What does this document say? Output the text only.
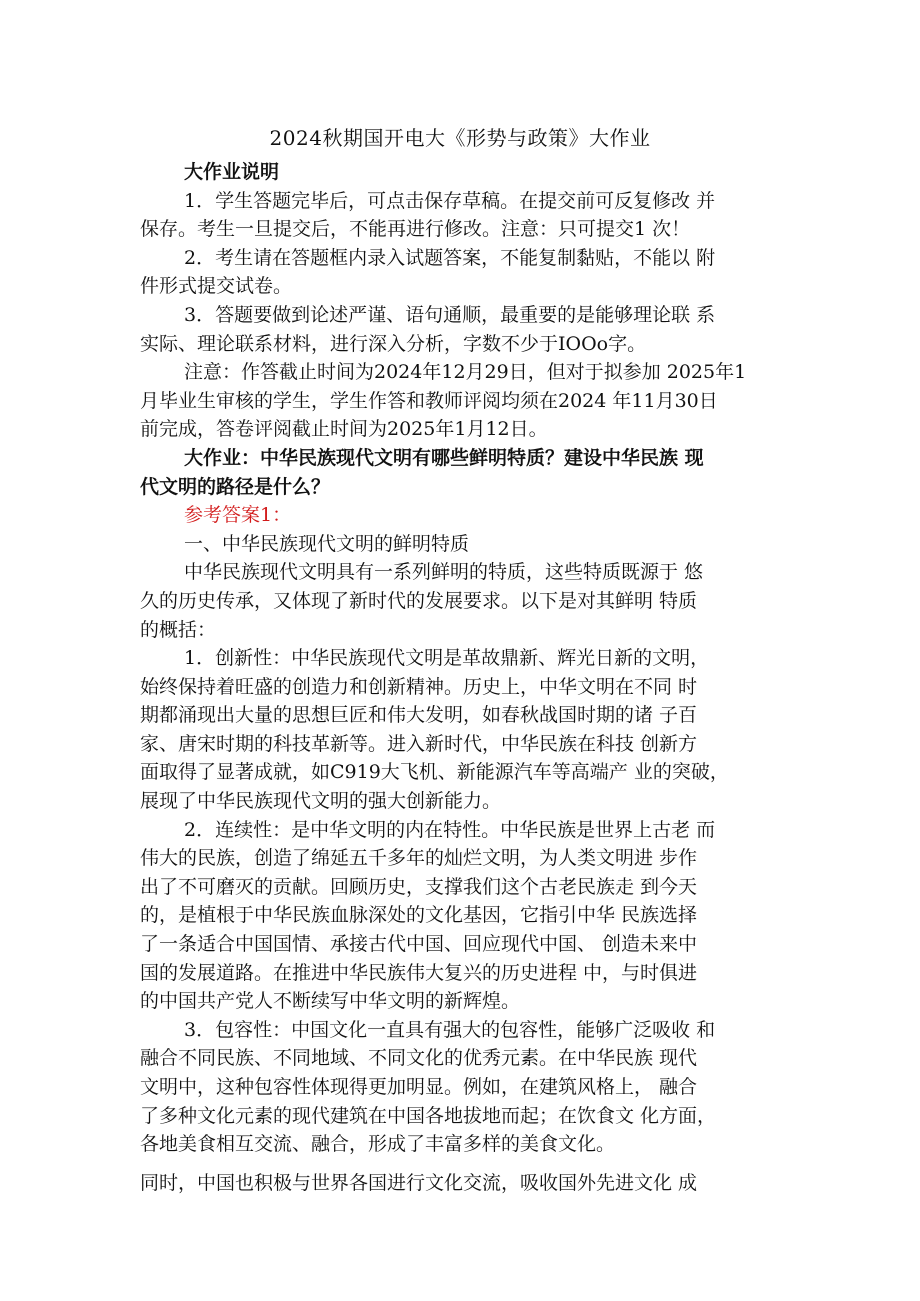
2024秋期国开电大《形势与政策》大作业
大作业说明
1．学生答题完毕后，可点击保存草稿。在提交前可反复修改 并
保存。考生一旦提交后，不能再进行修改。注意：只可提交1 次！
2．考生请在答题框内录入试题答案，不能复制黏贴，不能以 附
件形式提交试卷。
3．答题要做到论述严谨、语句通顺，最重要的是能够理论联 系
实际、理论联系材料，进行深入分析，字数不少于IOOo字。
注意：作答截止时间为2024年12月29日，但对于拟参加 2025年1
月毕业生审核的学生，学生作答和教师评阅均须在2024 年11月30日
前完成，答卷评阅截止时间为2025年1月12日。
大作业：中华民族现代文明有哪些鲜明特质？建设中华民族 现
代文明的路径是什么？
参考答案1：
一、中华民族现代文明的鲜明特质
中华民族现代文明具有一系列鲜明的特质，这些特质既源于 悠
久的历史传承，又体现了新时代的发展要求。以下是对其鲜明 特质
的概括：
1．创新性：中华民族现代文明是革故鼎新、辉光日新的文明，
始终保持着旺盛的创造力和创新精神。历史上，中华文明在不同 时
期都涌现出大量的思想巨匠和伟大发明，如春秋战国时期的诸 子百
家、唐宋时期的科技革新等。进入新时代，中华民族在科技 创新方
面取得了显著成就，如C919大飞机、新能源汽车等高端产 业的突破，
展现了中华民族现代文明的强大创新能力。
2．连续性：是中华文明的内在特性。中华民族是世界上古老 而
伟大的民族，创造了绵延五千多年的灿烂文明，为人类文明进 步作
出了不可磨灭的贡献。回顾历史，支撑我们这个古老民族走 到今天
的，是植根于中华民族血脉深处的文化基因，它指引中华 民族选择
了一条适合中国国情、承接古代中国、回应现代中国、 创造未来中
国的发展道路。在推进中华民族伟大复兴的历史进程 中，与时俱进
的中国共产党人不断续写中华文明的新辉煌。
3．包容性：中国文化一直具有强大的包容性，能够广泛吸收 和
融合不同民族、不同地域、不同文化的优秀元素。在中华民族 现代
文明中，这种包容性体现得更加明显。例如，在建筑风格上， 融合
了多种文化元素的现代建筑在中国各地拔地而起；在饮食文 化方面，
各地美食相互交流、融合，形成了丰富多样的美食文化。
同时，中国也积极与世界各国进行文化交流，吸收国外先进文化 成
